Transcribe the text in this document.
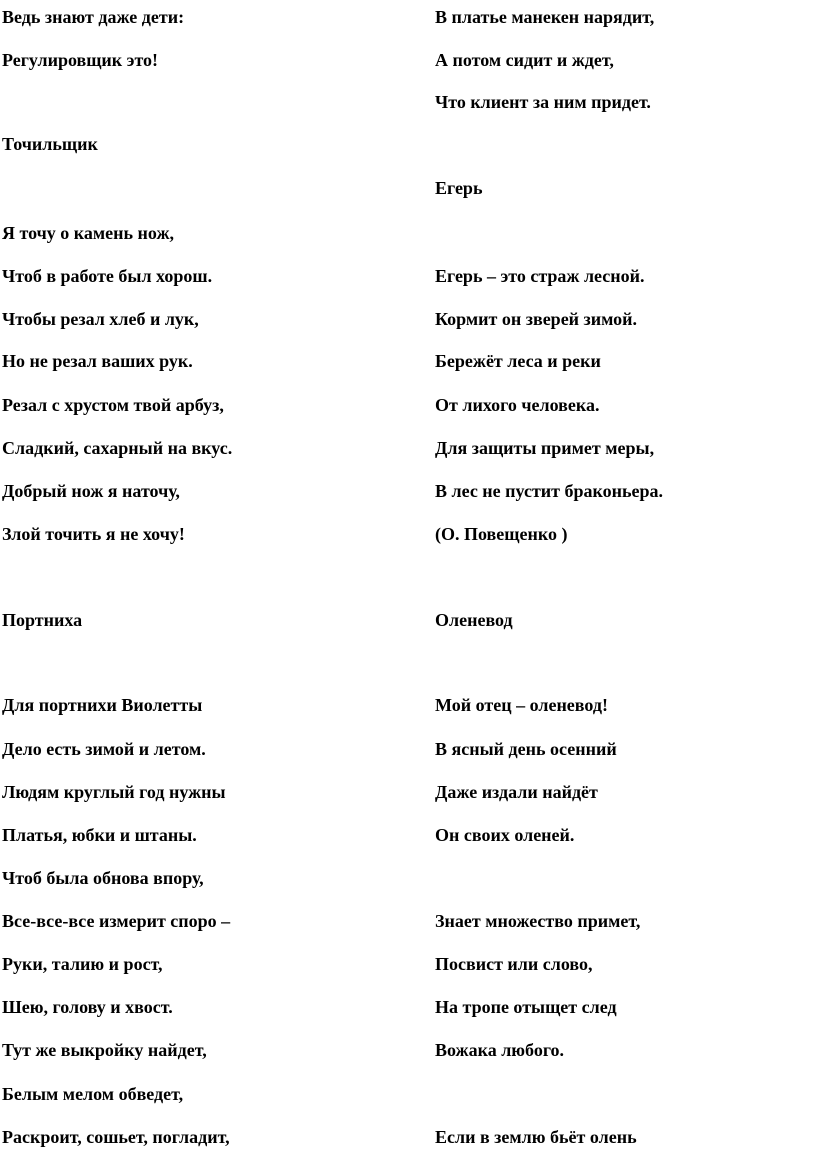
Ведь знают даже дети:
Регулировщик это!
Точильщик
Я точу о камень нож,
Чтоб в работе был хорош.
Чтобы резал хлеб и лук,
Но не резал ваших рук.
Резал с хрустом твой арбуз,
Сладкий, сахарный на вкус.
Добрый нож я наточу,
Злой точить я не хочу!
Портниха
Для портнихи Виолетты
Дело есть зимой и летом.
Людям круглый год нужны
Платья, юбки и штаны.
Чтоб была обнова впору,
Все-все-все измерит споро –
Руки, талию и рост,
Шею, голову и хвост.
Тут же выкройку найдет,
Белым мелом обведет,
Раскроит, сошьет, погладит,
В платье манекен нарядит,
А потом сидит и ждет,
Что клиент за ним придет.
Егерь
Егерь – это страж лесной.
Кормит он зверей зимой.
Бережёт леса и реки
От лихого человека.
Для защиты примет меры,
В лес не пустит браконьера.
(О. Повещенко )
Оленевод
Мой отец – оленевод!
В ясный день осенний
Даже издали найдёт
Он своих оленей.
Знает множество примет,
Посвист или слово,
На тропе отыщет след
Вожака любого.
Если в землю бьёт олень
